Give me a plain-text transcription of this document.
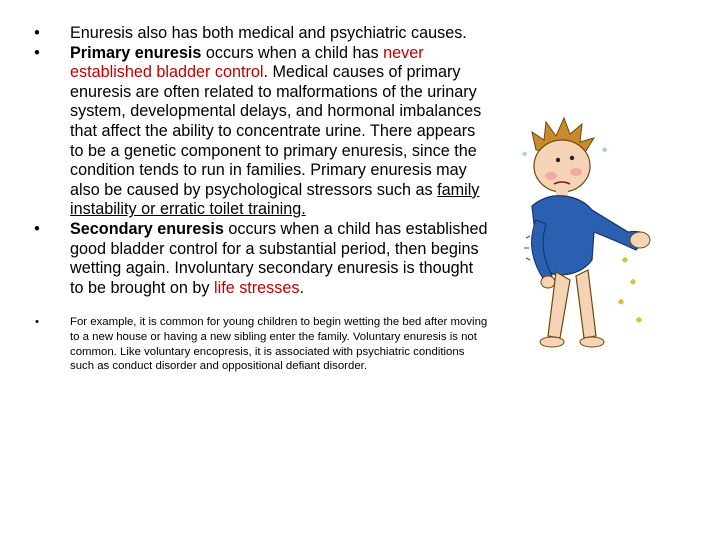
• Enuresis also has both medical and psychiatric causes.
• Primary enuresis occurs when a child has never established bladder control. Medical causes of primary enuresis are often related to malformations of the urinary system, developmental delays, and hormonal imbalances that affect the ability to concentrate urine. There appears to be a genetic component to primary enuresis, since the condition tends to run in families. Primary enuresis may also be caused by psychological stressors such as family instability or erratic toilet training.
• Secondary enuresis occurs when a child has established good bladder control for a substantial period, then begins wetting again. Involuntary secondary enuresis is thought to be brought on by life stresses.
•	For example, it is common for young children to begin wetting the bed after moving to a new house or having a new sibling enter the family. Voluntary enuresis is not common. Like voluntary encopresis, it is associated with psychiatric conditions such as conduct disorder and oppositional defiant disorder.
